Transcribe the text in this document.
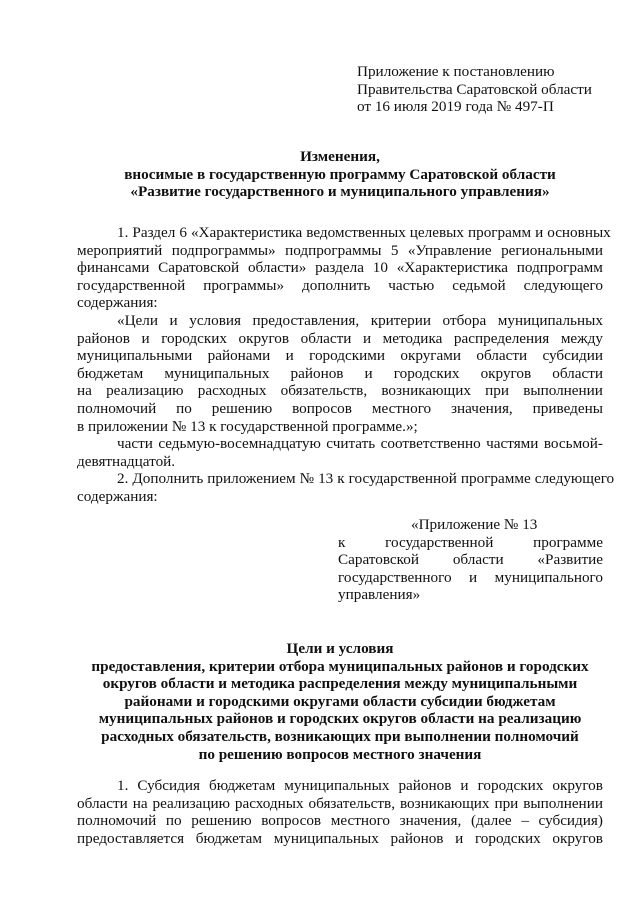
Приложение к постановлению
Правительства Саратовской области
от 16 июля 2019 года № 497-П
Изменения,
вносимые в государственную программу Саратовской области
«Развитие государственного и муниципального управления»
1. Раздел 6 «Характеристика ведомственных целевых программ и основных
мероприятий подпрограммы» подпрограммы 5 «Управление региональными
финансами Саратовской области» раздела 10 «Характеристика подпрограмм
государственной программы» дополнить частью седьмой следующего
содержания:
«Цели и условия предоставления, критерии отбора муниципальных
районов и городских округов области и методика распределения между
муниципальными районами и городскими округами области субсидии
бюджетам муниципальных районов и городских округов области
на реализацию расходных обязательств, возникающих при выполнении
полномочий по решению вопросов местного значения, приведены
в приложении № 13 к государственной программе.»;
части седьмую-восемнадцатую считать соответственно частями восьмой-
девятнадцатой.
2. Дополнить приложением № 13 к государственной программе следующего
содержания:
«Приложение № 13
к	государственной	программе
Саратовской области «Развитие
государственного и муниципального
управления»
Цели и условия
предоставления, критерии отбора муниципальных районов и городских
округов области и методика распределения между муниципальными
районами и городскими округами области субсидии бюджетам
муниципальных районов и городских округов области на реализацию
расходных обязательств, возникающих при выполнении полномочий
по решению вопросов местного значения
1. Субсидия бюджетам муниципальных районов и городских округов
области на реализацию расходных обязательств, возникающих при выполнении
полномочий по решению вопросов местного значения, (далее – субсидия)
предоставляется бюджетам муниципальных районов и городских округов
